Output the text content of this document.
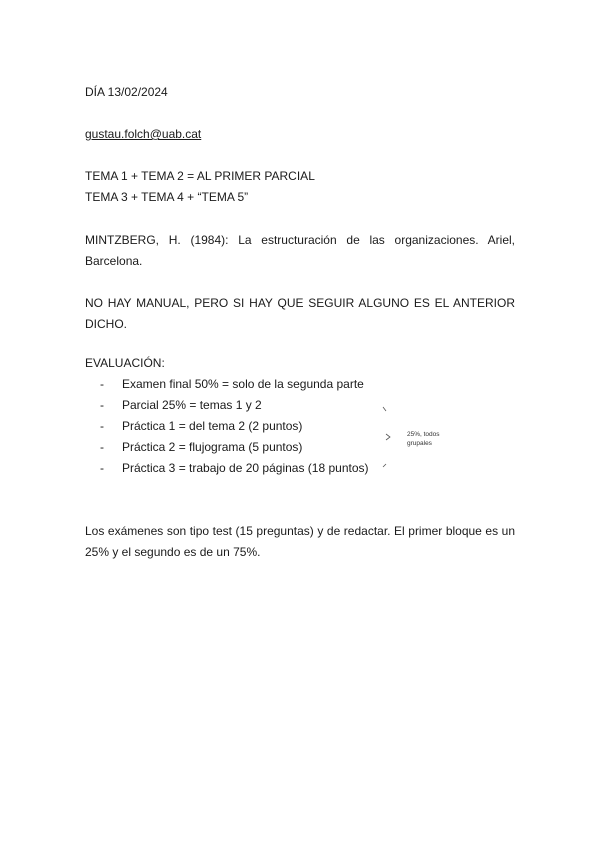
DÍA 13/02/2024
gustau.folch@uab.cat
TEMA 1 + TEMA 2 = AL PRIMER PARCIAL
TEMA 3 + TEMA 4 + “TEMA 5”
MINTZBERG, H. (1984): La estructuración de las organizaciones. Ariel, Barcelona.
NO HAY MANUAL, PERO SI HAY QUE SEGUIR ALGUNO ES EL ANTERIOR DICHO.
EVALUACIÓN:
-	Examen final 50% = solo de la segunda parte
-	Parcial 25% = temas 1 y 2
-	Práctica 1 = del tema 2 (2 puntos)
-	Práctica 2 = flujograma (5 puntos)
-	Práctica 3 = trabajo de 20 páginas (18 puntos)
25%, todos
grupales
Los exámenes son tipo test (15 preguntas) y de redactar. El primer bloque es un 25% y el segundo es de un 75%.
